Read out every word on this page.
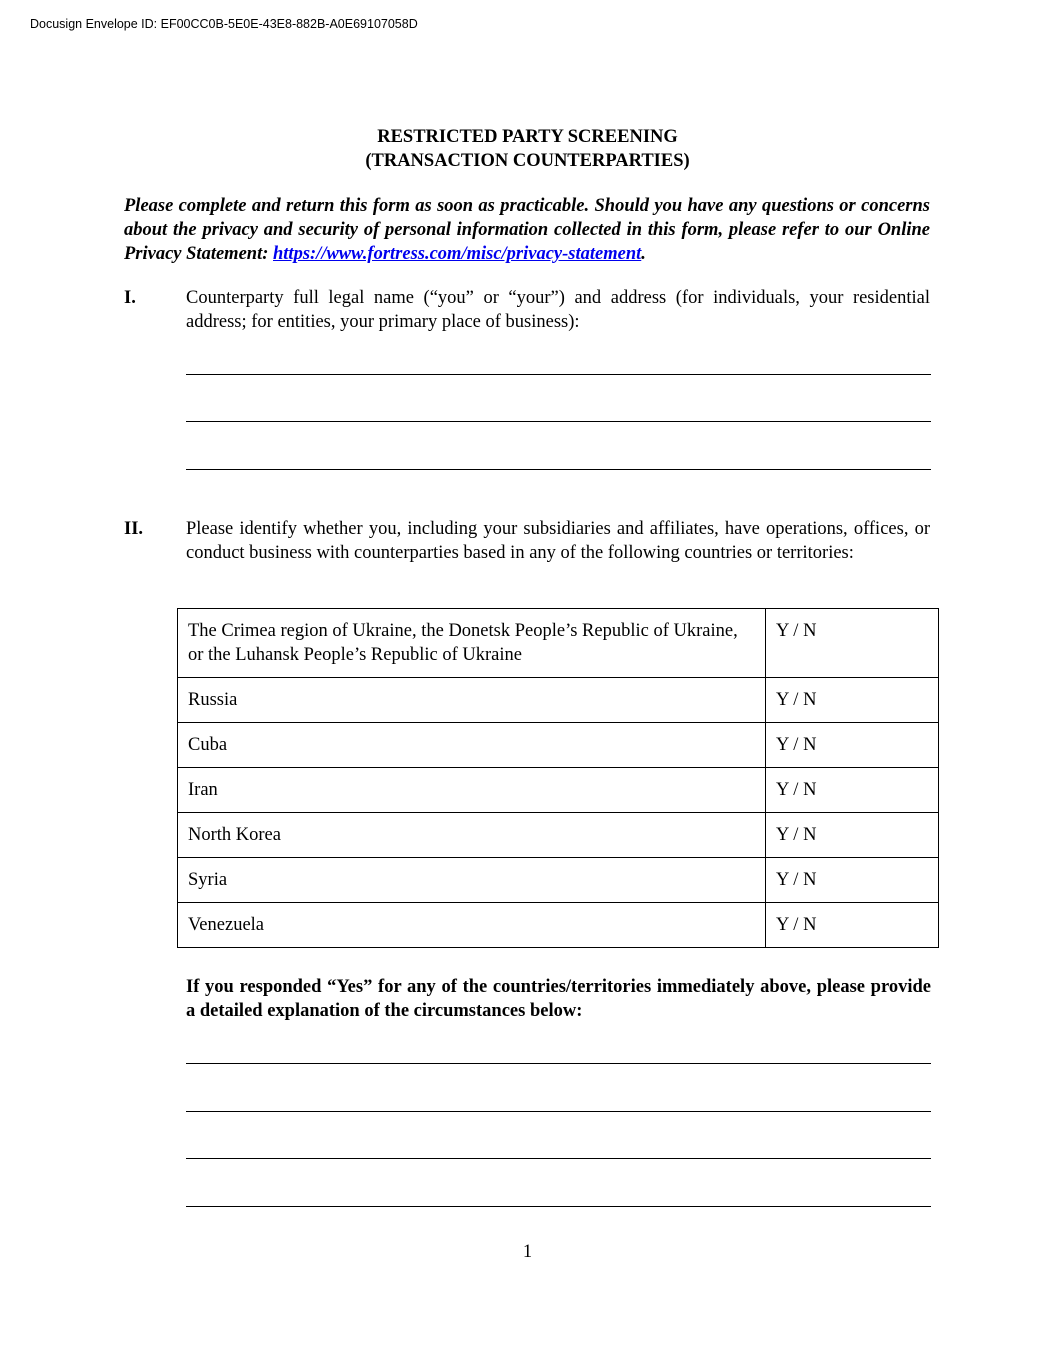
Docusign Envelope ID: EF00CC0B-5E0E-43E8-882B-A0E69107058D
RESTRICTED PARTY SCREENING
(TRANSACTION COUNTERPARTIES)
Please complete and return this form as soon as practicable. Should you have any questions or concerns about the privacy and security of personal information collected in this form, please refer to our Online Privacy Statement: https://www.fortress.com/misc/privacy-statement.
I.	Counterparty full legal name (“you” or “your”) and address (for individuals, your residential address; for entities, your primary place of business):
II. Please identify whether you, including your subsidiaries and affiliates, have operations, offices, or conduct business with counterparties based in any of the following countries or territories:
The Crimea region of Ukraine, the Donetsk People’s Republic of Ukraine, or the Luhansk People’s Republic of Ukraine	Y / N
Russia	Y / N
Cuba	Y / N
Iran	Y / N
North Korea	Y / N
Syria	Y / N
Venezuela	Y / N
If you responded “Yes” for any of the countries/territories immediately above, please provide a detailed explanation of the circumstances below:
1
